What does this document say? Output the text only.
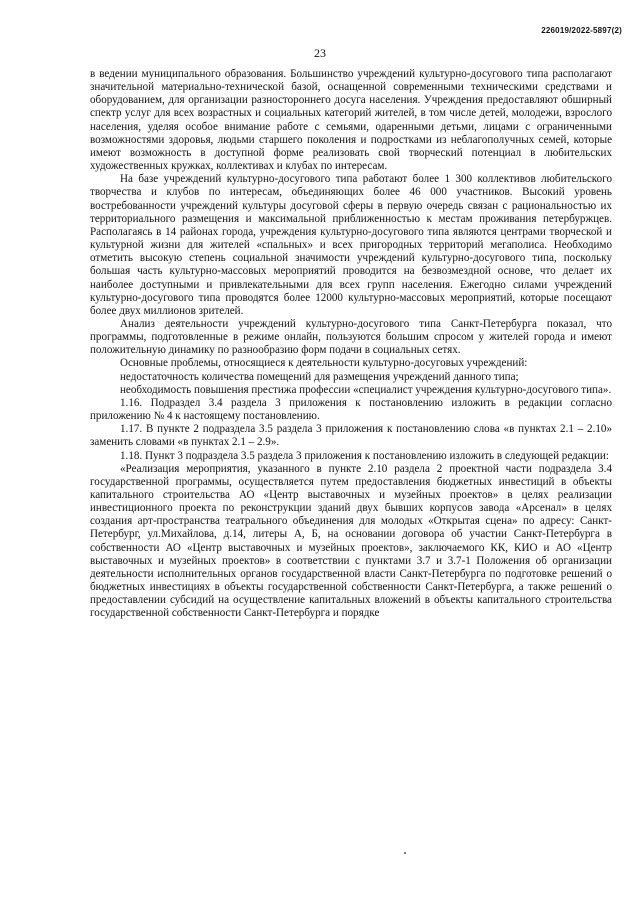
226019/2022-5897(2)
23

в ведении муниципального образования. Большинство учреждений культурно-досугового типа располагают значительной материально-технической базой, оснащенной современными техническими средствами и оборудованием, для организации разностороннего досуга населения. Учреждения предоставляют обширный спектр услуг для всех возрастных и социальных категорий жителей, в том числе детей, молодежи, взрослого населения, уделяя особое внимание работе с семьями, одаренными детьми, лицами с ограниченными возможностями здоровья, людьми старшего поколения и подростками из неблагополучных семей, которые имеют возможность в доступной форме реализовать свой творческий потенциал в любительских художественных кружках, коллективах и клубах по интересам.

На базе учреждений культурно-досугового типа работают более 1 300 коллективов любительского творчества и клубов по интересам, объединяющих более 46 000 участников. Высокий уровень востребованности учреждений культуры досуговой сферы в первую очередь связан с рациональностью их территориального размещения и максимальной приближенностью к местам проживания петербуржцев. Располагаясь в 14 районах города, учреждения культурно-досугового типа являются центрами творческой и культурной жизни для жителей «спальных» и всех пригородных территорий мегаполиса. Необходимо отметить высокую степень социальной значимости учреждений культурно-досугового типа, поскольку большая часть культурно-массовых мероприятий проводится на безвозмездной основе, что делает их наиболее доступными и привлекательными для всех групп населения. Ежегодно силами учреждений культурно-досугового типа проводятся более 12000 культурно-массовых мероприятий, которые посещают более двух миллионов зрителей.

Анализ деятельности учреждений культурно-досугового типа Санкт-Петербурга показал, что программы, подготовленные в режиме онлайн, пользуются большим спросом у жителей города и имеют положительную динамику по разнообразию форм подачи в социальных сетях.

Основные проблемы, относящиеся к деятельности культурно-досуговых учреждений:

недостаточность количества помещений для размещения учреждений данного типа;

необходимость повышения престижа профессии «специалист учреждения культурно-досугового типа».

1.16. Подраздел 3.4 раздела 3 приложения к постановлению изложить в редакции согласно приложению № 4 к настоящему постановлению.

1.17. В пункте 2 подраздела 3.5 раздела 3 приложения к постановлению слова «в пунктах 2.1 – 2.10» заменить словами «в пунктах 2.1 – 2.9».

1.18. Пункт 3 подраздела 3.5 раздела 3 приложения к постановлению изложить в следующей редакции:

«Реализация мероприятия, указанного в пункте 2.10 раздела 2 проектной части подраздела 3.4 государственной программы, осуществляется путем предоставления бюджетных инвестиций в объекты капитального строительства АО «Центр выставочных и музейных проектов» в целях реализации инвестиционного проекта по реконструкции зданий двух бывших корпусов завода «Арсенал» в целях создания арт-пространства театрального объединения для молодых «Открытая сцена» по адресу: Санкт-Петербург, ул.Михайлова, д.14, литеры А, Б, на основании договора об участии Санкт-Петербурга в собственности АО «Центр выставочных и музейных проектов», заключаемого КК, КИО и АО «Центр выставочных и музейных проектов» в соответствии с пунктами 3.7 и 3.7-1 Положения об организации деятельности исполнительных органов государственной власти Санкт-Петербурга по подготовке решений о бюджетных инвестициях в объекты государственной собственности Санкт-Петербурга, а также решений о предоставлении субсидий на осуществление капитальных вложений в объекты капитального строительства государственной собственности Санкт-Петербурга и порядке
